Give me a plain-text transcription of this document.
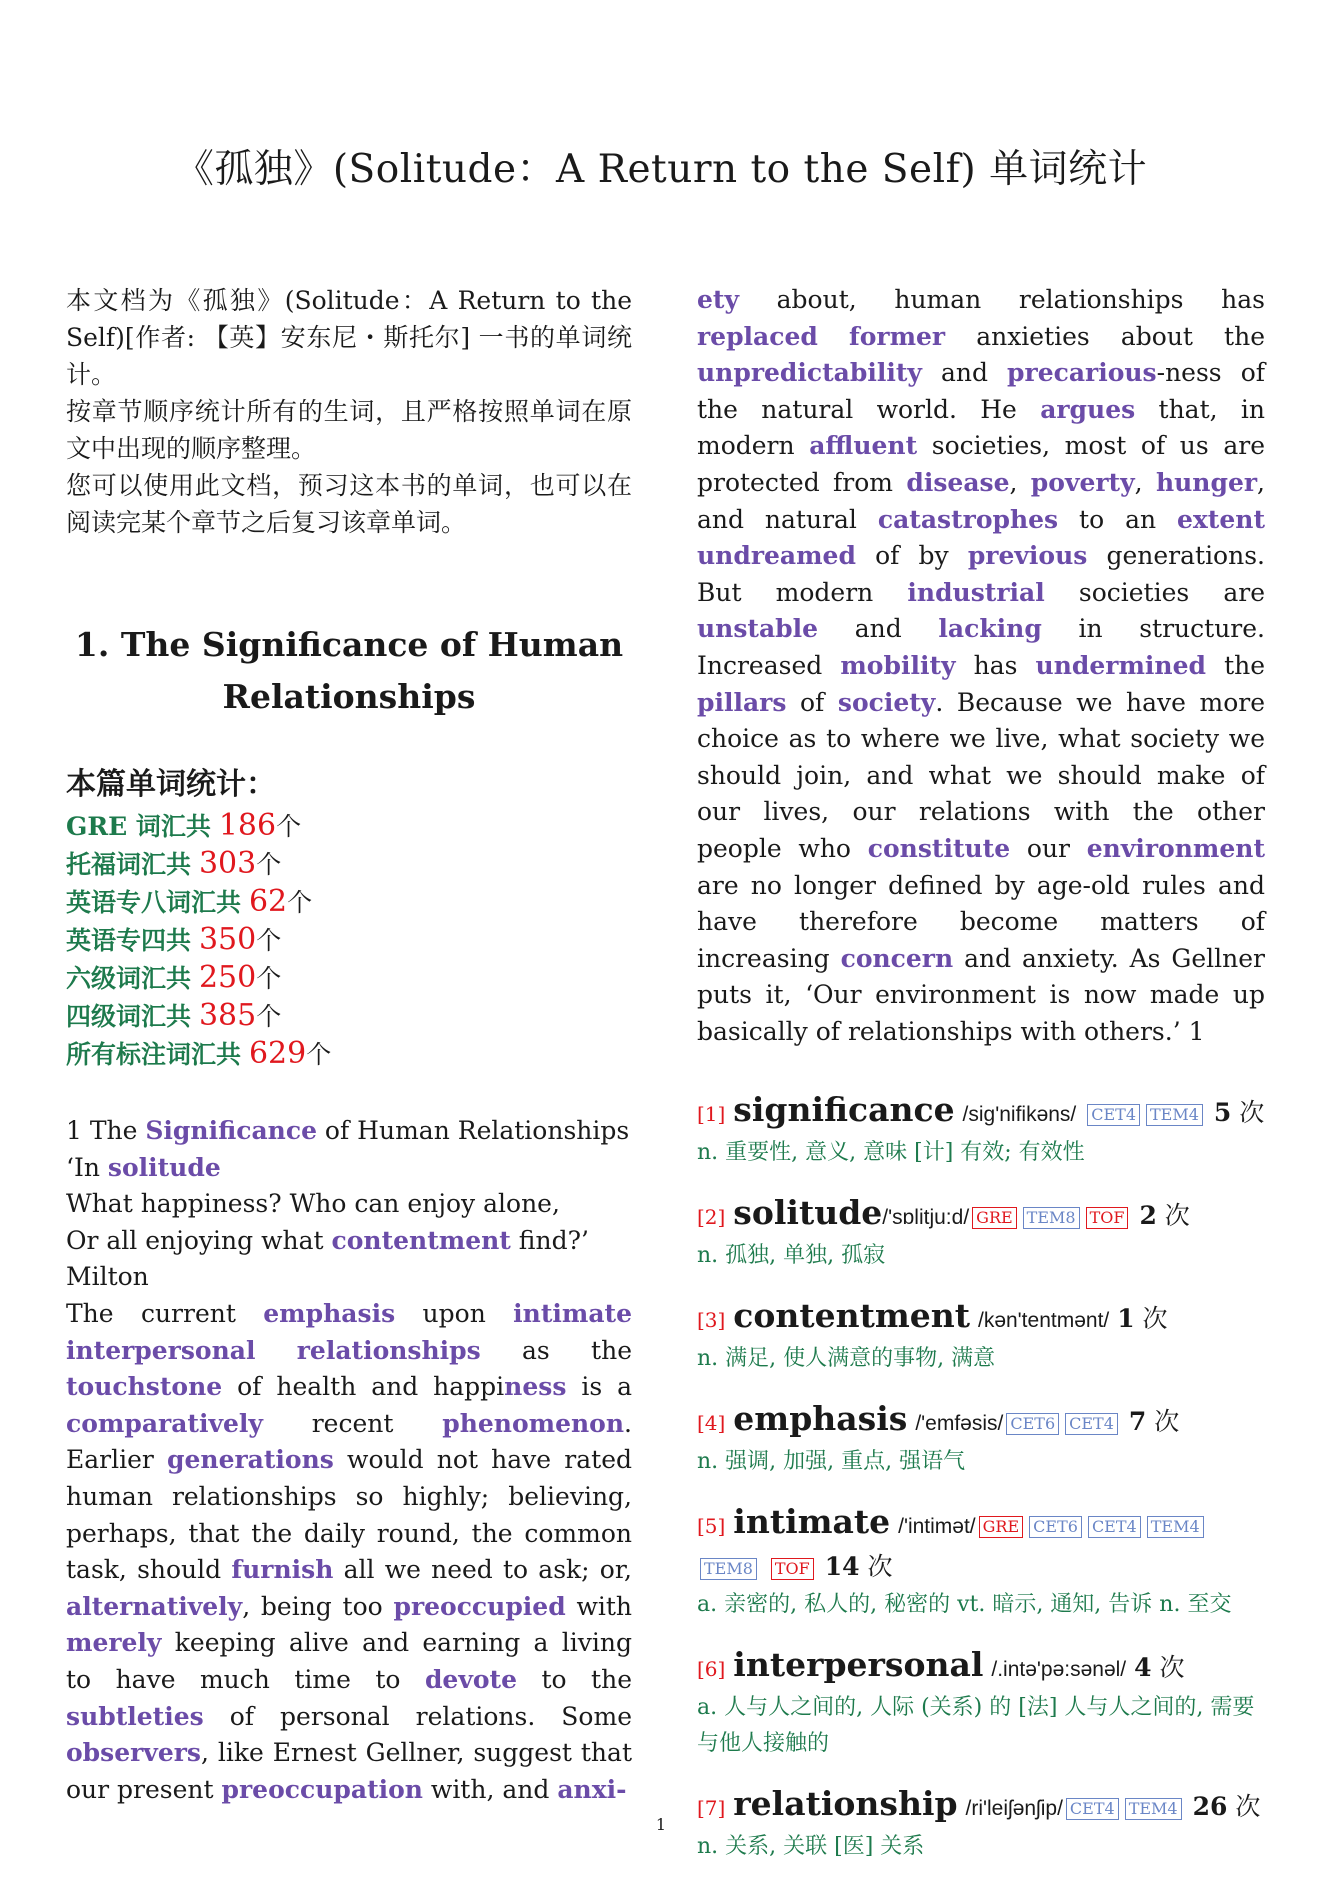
《孤独》(Solitude：A Return to the Self) 单词统计

本文档为《孤独》(Solitude：A Return to the Self)[作者: 【英】安东尼・斯托尔] 一书的单词统计。

按章节顺序统计所有的生词，且严格按照单词在原文中出现的顺序整理。

您可以使用此文档，预习这本书的单词，也可以在阅读完某个章节之后复习该章单词。

1. The Significance of Human Relationships
本篇单词统计：
GRE 词汇共 186个
托福词汇共 303个
英语专八词汇共 62个
英语专四共 350个
六级词汇共 250个
四级词汇共 385个
所有标注词汇共 629个
1 The Significance of Human Relationships
‘In solitude
What happiness? Who can enjoy alone,
Or all enjoying what contentment find?’
Milton
The current emphasis upon intimate interpersonal relationships as the touchstone of health and happiness is a comparatively recent phenomenon. Earlier generations would not have rated human relationships so highly; believing, perhaps, that the daily round, the common task, should furnish all we need to ask; or, alternatively, being too preoccupied with merely keeping alive and earning a living to have much time to devote to the subtleties of personal relations. Some observers, like Ernest Gellner, suggest that our present preoccupation with, and anxi-
ety about, human relationships has replaced former anxieties about the unpredictability and precarious-ness of the natural world. He argues that, in modern affluent societies, most of us are protected from disease, poverty, hunger, and natural catastrophes to an extent undreamed of by previous generations. But modern industrial societies are unstable and lacking in structure. Increased mobility has undermined the pillars of society. Because we have more choice as to where we live, what society we should join, and what we should make of our lives, our relations with the other people who constitute our environment are no longer defined by age-old rules and have therefore become matters of increasing concern and anxiety. As Gellner puts it, ‘Our environment is now made up basically of relationships with others.’ 1
[1] significance /sig'nifikəns/ CET4 TEM4 5 次
n. 重要性, 意义, 意味 [计] 有效; 有效性
[2] solitude/'sɒlitju:d/ GRE TEM8 TOF 2 次
n. 孤独, 单独, 孤寂
[3] contentment /kən'tentmənt/ 1 次
n. 满足, 使人满意的事物, 满意
[4] emphasis /'emfəsis/ CET6 CET4 7 次
n. 强调, 加强, 重点, 强语气
[5] intimate /'intimət/ GRE CET6 CET4 TEM4TEM8 TOF 14 次
a. 亲密的, 私人的, 秘密的 vt. 暗示, 通知, 告诉 n. 至交
[6] interpersonal /.intə'pə:sənəl/ 4 次
a. 人与人之间的, 人际 (关系) 的 [法] 人与人之间的, 需要与他人接触的
[7] relationship /ri'leiʃənʃip/ CET4 TEM4 26 次
n. 关系, 关联 [医] 关系
1
